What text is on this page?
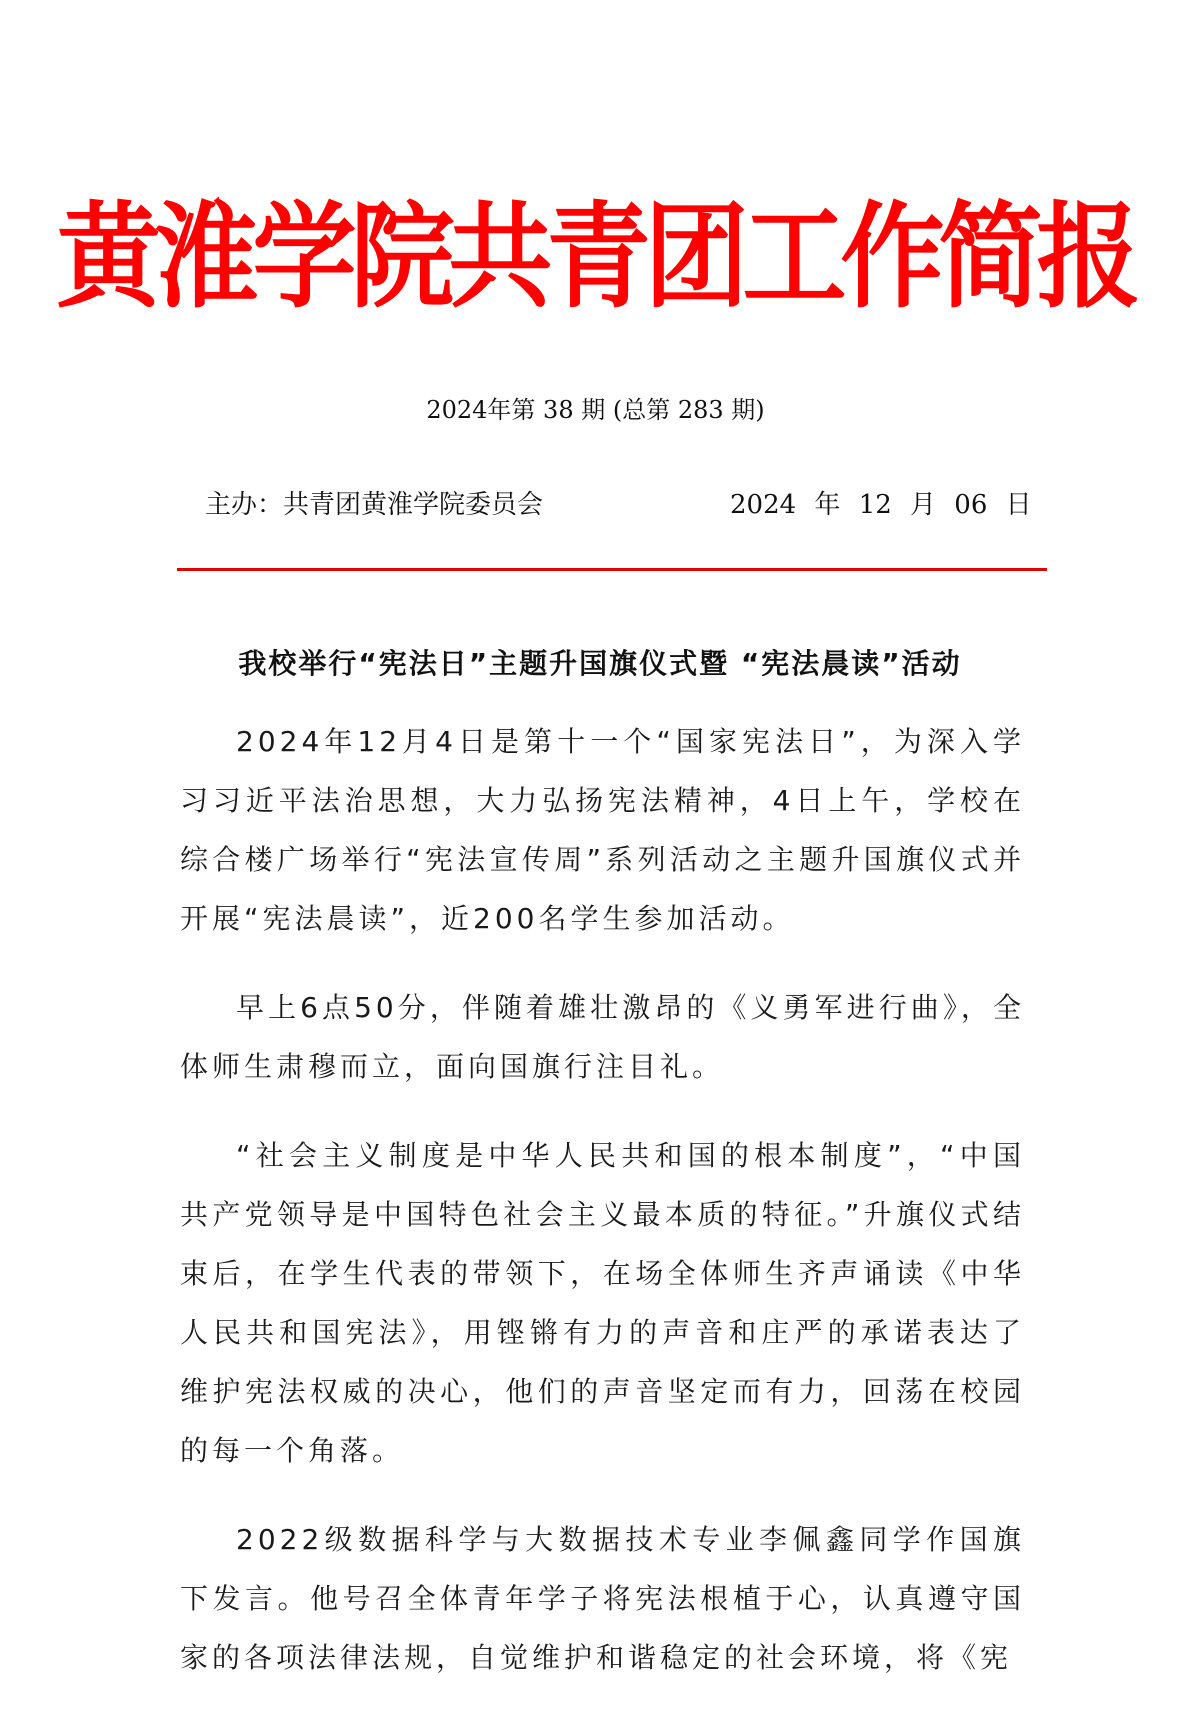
黄淮学院共青团工作简报
2024年第 38 期 (总第 283 期)
主办：共青团黄淮学院委员会	2024 年 12 月 06 日
我校举行“宪法日”主题升国旗仪式暨 “宪法晨读”活动

2024年12月4日是第十一个“国家宪法日”，为深入学习习近平法治思想，大力弘扬宪法精神，4日上午，学校在综合楼广场举行“宪法宣传周”系列活动之主题升国旗仪式并开展“宪法晨读”，近200名学生参加活动。

早上6点50分，伴随着雄壮激昂的《义勇军进行曲》，全体师生肃穆而立，面向国旗行注目礼。

“社会主义制度是中华人民共和国的根本制度”，“中国共产党领导是中国特色社会主义最本质的特征。”升旗仪式结束后，在学生代表的带领下，在场全体师生齐声诵读《中华人民共和国宪法》，用铿锵有力的声音和庄严的承诺表达了维护宪法权威的决心，他们的声音坚定而有力，回荡在校园的每一个角落。

2022级数据科学与大数据技术专业李佩鑫同学作国旗下发言。他号召全体青年学子将宪法根植于心，认真遵守国家的各项法律法规，自觉维护和谐稳定的社会环境，将《宪
